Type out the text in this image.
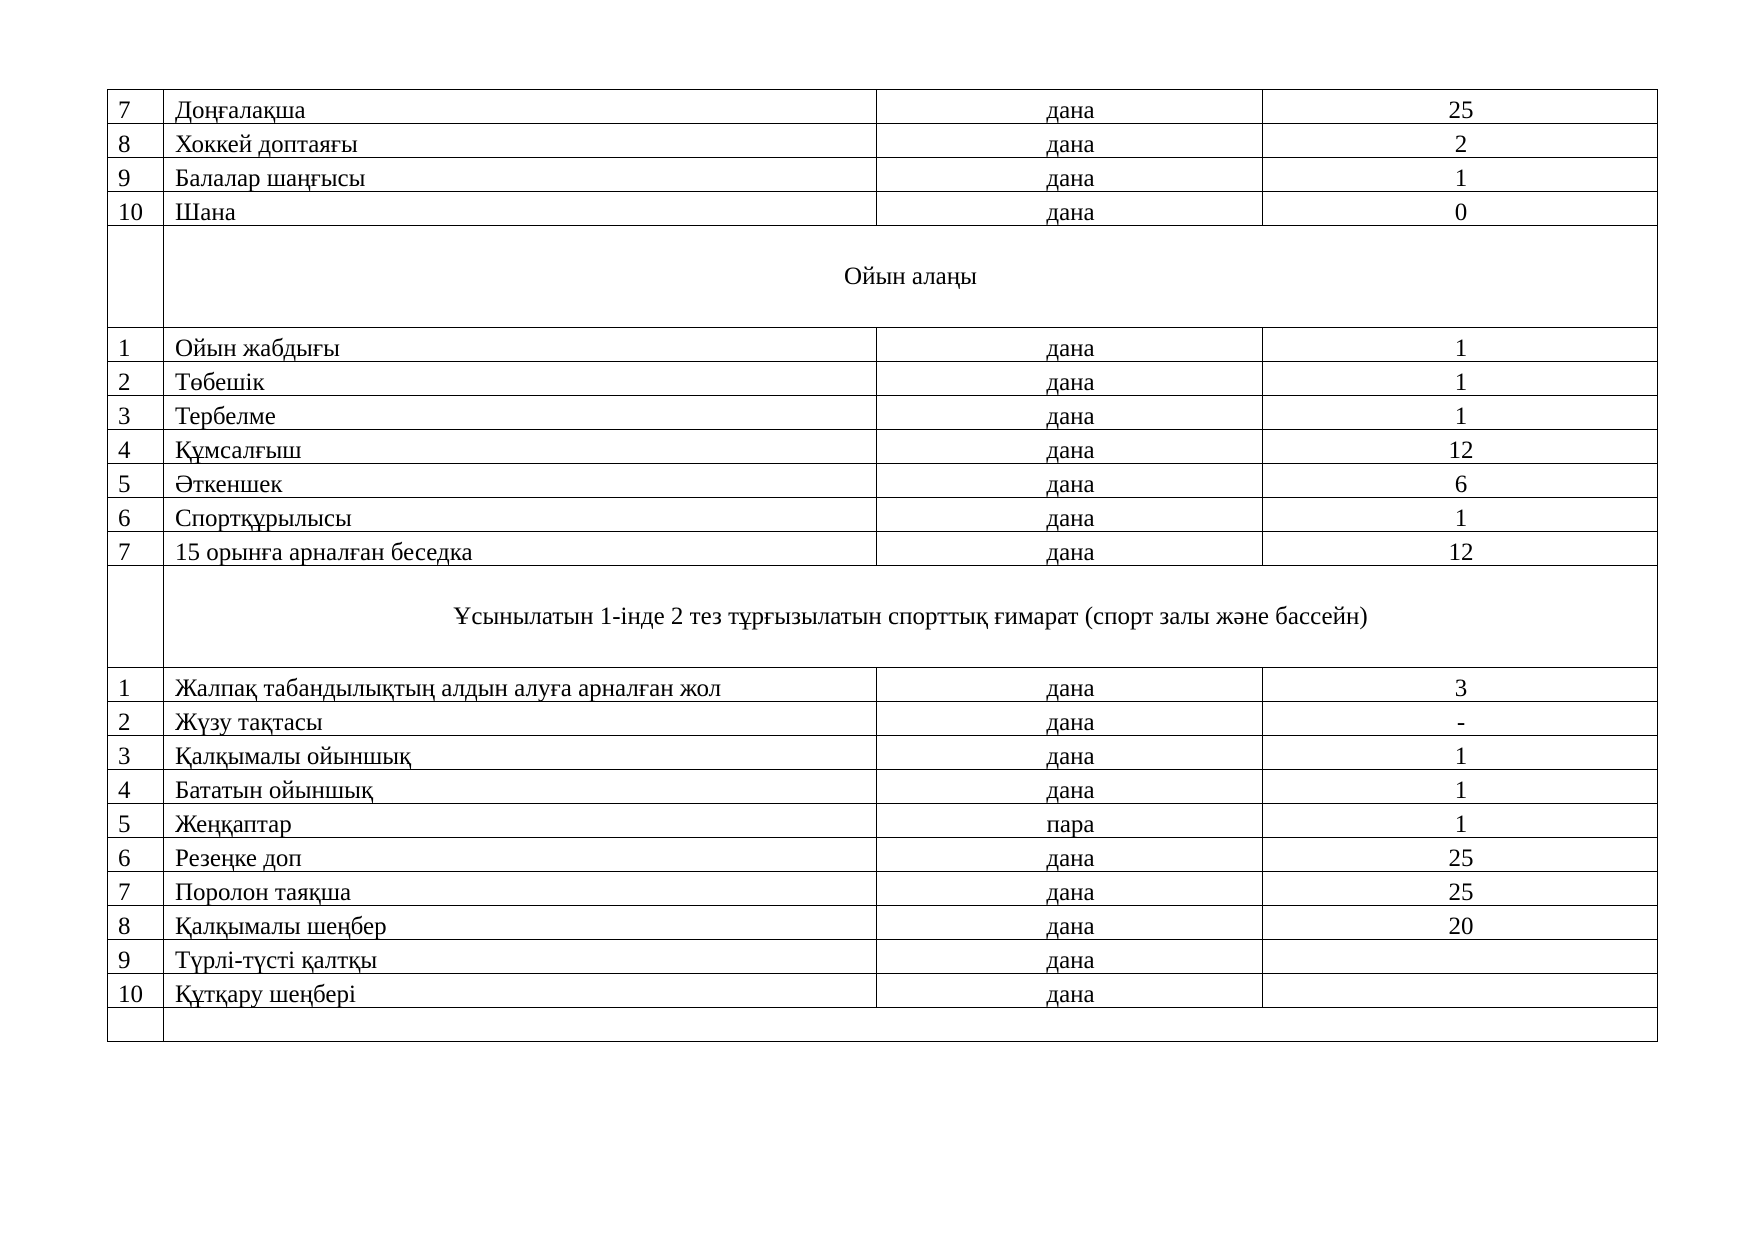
7	Доңғалақша	дана	25
8	Хоккей доптаяғы	дана	2
9	Балалар шаңғысы	дана	1
10	Шана	дана	0
	Ойын алаңы		
1	Ойын жабдығы	дана	1
2	Төбешік	дана	1
3	Тербелме	дана	1
4	Құмсалғыш	дана	12
5	Әткеншек	дана	6
6	Спортқұрылысы	дана	1
7	15 орынға арналған беседка	дана	12
	Ұсынылатын 1-інде 2 тез тұрғызылатын спорттық ғимарат (спорт залы және бассейн)		
1	Жалпақ табандылықтың алдын алуға арналған жол	дана	3
2	Жүзу тақтасы	дана	-
3	Қалқымалы ойыншық	дана	1
4	Бататын ойыншық	дана	1
5	Жеңқаптар	пара	1
6	Резеңке доп	дана	25
7	Поролон таяқша	дана	25
8	Қалқымалы шеңбер	дана	20
9	Түрлі-түсті қалтқы	дана	
10	Құтқару шеңбері	дана	
